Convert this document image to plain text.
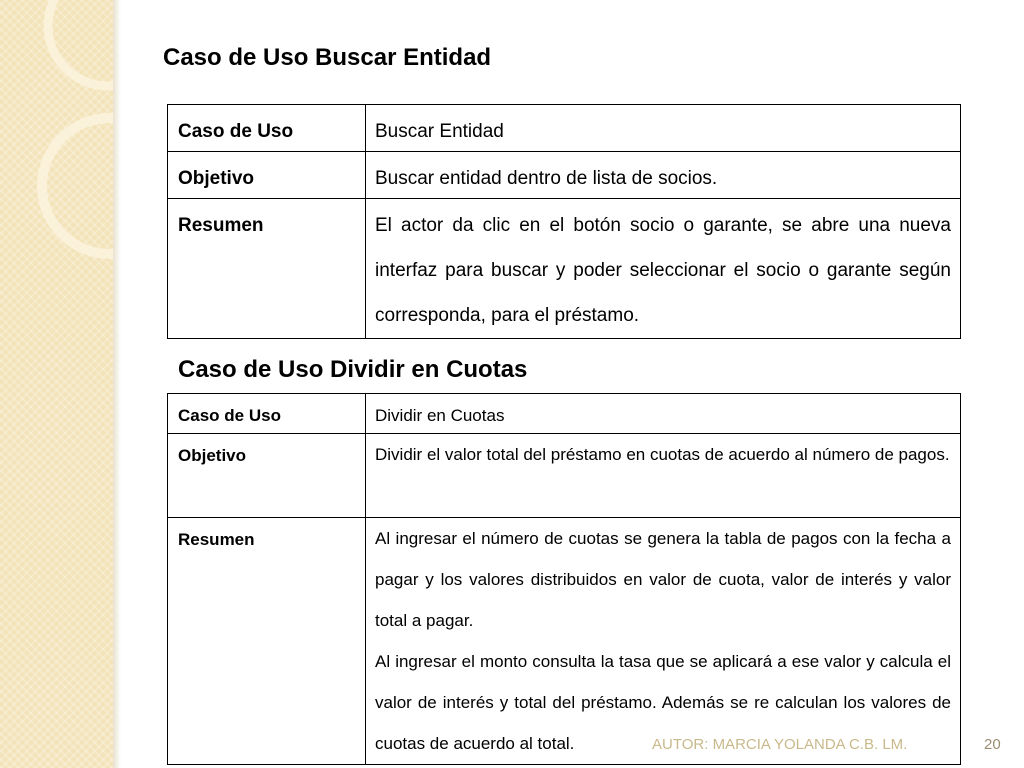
Caso de Uso Buscar Entidad
Caso de Uso	Buscar Entidad
Objetivo	Buscar entidad dentro de lista de socios.
Resumen	El actor da clic en el botón socio o garante, se abre una nueva interfaz para buscar y poder seleccionar el socio o garante según corresponda, para el préstamo.
Caso de Uso Dividir en Cuotas
Caso de Uso	Dividir en Cuotas
Objetivo	Dividir el valor total del préstamo en cuotas de acuerdo al número de pagos.

Resumen	Al ingresar el número de cuotas se genera la tabla de pagos con la fecha a pagar y los valores distribuidos en valor de cuota, valor de interés y valor total a pagar.
Al ingresar el monto consulta la tasa que se aplicará a ese valor y calcula el valor de interés y total del préstamo. Además se re calculan los valores de cuotas de acuerdo al total.	AUTOR: MARCIA YOLANDA C.B. LM.	20
